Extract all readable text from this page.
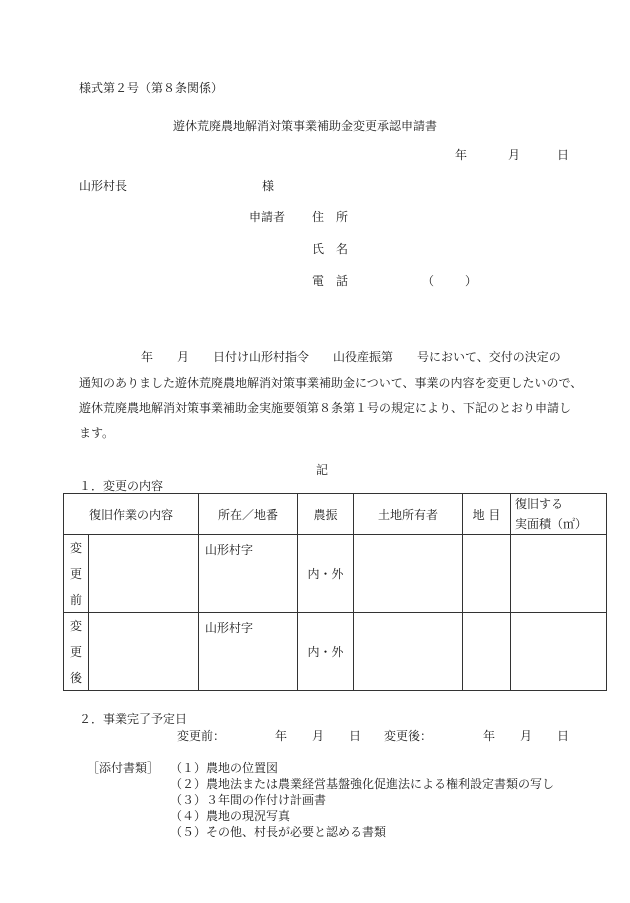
様式第２号（第８条関係）
遊休荒廃農地解消対策事業補助金変更承認申請書
年	月	日
山形村長	様
申請者 住　所
氏　名
電　話	（	）

年　　月　　日付け山形村指令　　山役産振第　　号において、交付の決定の

通知のありました遊休荒廃農地解消対策事業補助金について、事業の内容を変更したいので、

遊休荒廃農地解消対策事業補助金実施要領第８条第１号の規定により、下記のとおり申請し

ます。

記
１．変更の内容
復旧作業の内容		所在／地番	農振	土地所有者	地 目	復旧する
実面積（㎡）

変
更
前		山形村字	内・外			

変
更
後		山形村字	内・外			
２．事業完了予定日
変更前：	年 月 日 変更後：	年 月 日
［添付書類］ （１）農地の位置図
（２）農地法または農業経営基盤強化促進法による権利設定書類の写し
（３）３年間の作付け計画書
（４）農地の現況写真
（５）その他、村長が必要と認める書類
